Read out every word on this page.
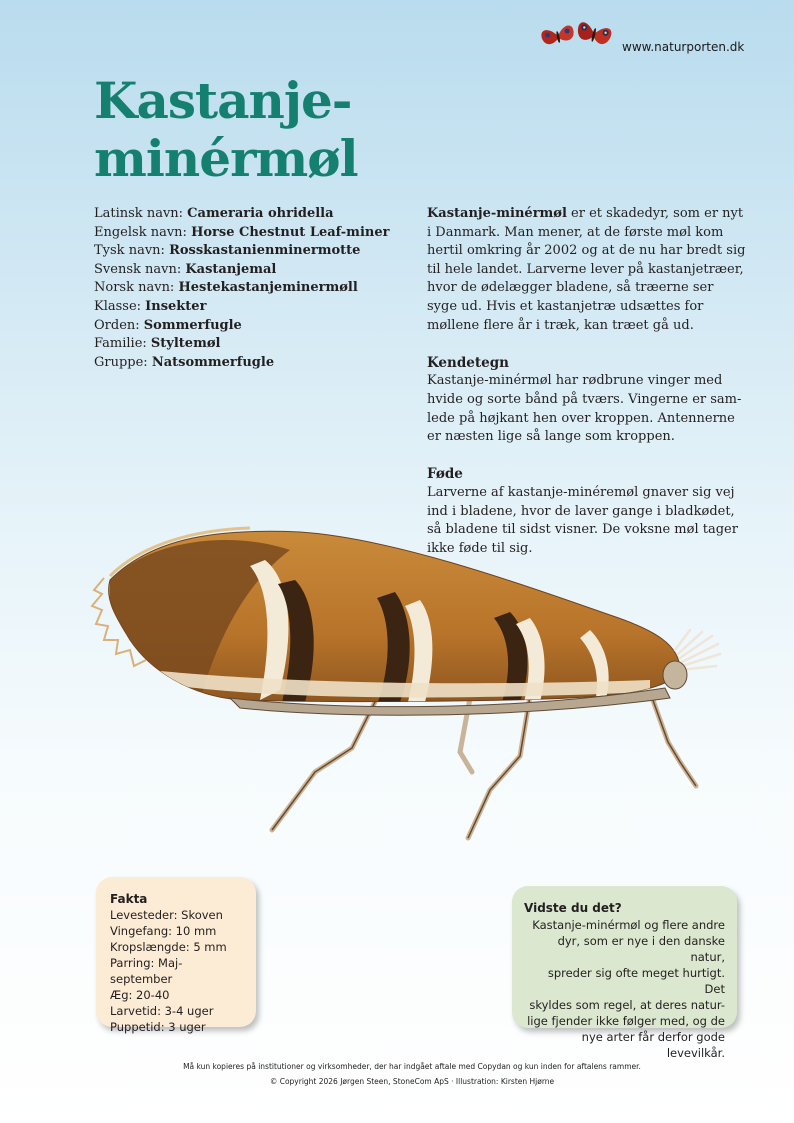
www.naturporten.dk
Kastanje-
minérmøl
Latinsk navn: Cameraria ohridella
Engelsk navn: Horse Chestnut Leaf-miner
Tysk navn: Rosskastanienminermotte
Svensk navn: Kastanjemal
Norsk navn: Hestekastanjeminermøll
Klasse: Insekter
Orden: Sommerfugle
Familie: Styltemøl
Gruppe: Natsommerfugle

Kastanje-minérmøl er et skadedyr, som er nyt i Danmark. Man mener, at de første møl kom hertil omkring år 2002 og at de nu har bredt sig til hele landet. Larverne lever på kastanjetræer, hvor de ødelægger bladene, så træerne ser syge ud. Hvis et kastanjetræ udsættes for møllene flere år i træk, kan træet gå ud.

Kendetegn

Kastanje-minérmøl har rødbrune vinger med hvide og sorte bånd på tværs. Vingerne er samlede på højkant hen over kroppen. Antennerne er næsten lige så lange som kroppen.

Føde

Larverne af kastanje-minéremøl gnaver sig vej ind i bladene, hvor de laver gange i bladkødet, så bladene til sidst visner. De voksne møl tager ikke føde til sig.

Fakta
Levesteder: Skoven
Vingefang: 10 mm
Kropslængde: 5 mm
Parring: Maj-september
Æg: 20-40
Larvetid: 3-4 uger
Puppetid: 3 uger
Vidste du det?
Kastanje-minérmøl og flere andre
dyr, som er nye i den danske natur,
spreder sig ofte meget hurtigt. Det
skyldes som regel, at deres natur-
lige fjender ikke følger med, og de
nye arter får derfor gode levevilkår.
Må kun kopieres på institutioner og virksomheder, der har indgået aftale med Copydan og kun inden for aftalens rammer.
© Copyright 2026 Jørgen Steen, StoneCom ApS · Illustration: Kirsten Hjørne
